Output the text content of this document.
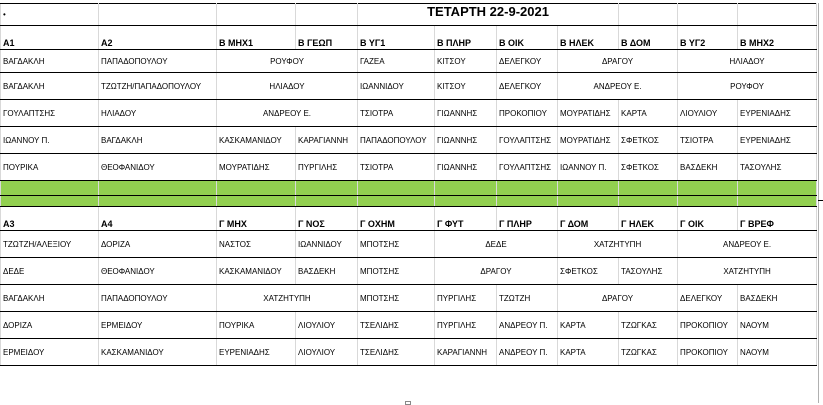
•				ΤΕΤΑΡΤΗ 22-9-2021						
Α1	Α2	Β ΜΗΧ1	Β ΓΕΩΠ	Β ΥΓ1	Β ΠΛΗΡ	Β ΟΙΚ	Β ΗΛΕΚ	Β ΔΟΜ	Β ΥΓ2	Β ΜΗΧ2
ΒΑΓΔΑΚΛΗ	ΠΑΠΑΔΟΠΟΥΛΟΥ	ΡΟΥΦΟΥ		ΓΑΖΕΑ	ΚΙΤΣΟΥ	ΔΕΛΕΓΚΟΥ	ΔΡΑΓΟΥ		ΗΛΙΑΔΟΥ	
ΒΑΓΔΑΚΛΗ	ΤΖΩΤΖΗ/ΠΑΠΑΔΟΠΟΥΛΟΥ	ΗΛΙΑΔΟΥ		ΙΩΑΝΝΙΔΟΥ	ΚΙΤΣΟΥ	ΔΕΛΕΓΚΟΥ	ΑΝΔΡΕΟΥ Ε.		ΡΟΥΦΟΥ	
ΓΟΥΛΑΠΤΣΗΣ	ΗΛΙΑΔΟΥ	ΑΝΔΡΕΟΥ Ε.		ΤΣΙΟΤΡΑ	ΓΙΩΑΝΝΗΣ	ΠΡΟΚΟΠΙΟΥ	ΜΟΥΡΑΤΙΔΗΣ	ΚΑΡΤΑ	ΛΙΟΥΛΙΟΥ	ΕΥΡΕΝΙΑΔΗΣ
ΙΩΑΝΝΟΥ Π.	ΒΑΓΔΑΚΛΗ	ΚΑΣΚΑΜΑΝΙΔΟΥ	ΚΑΡΑΓΙΑΝΝΗ	ΠΑΠΑΔΟΠΟΥΛΟΥ	ΓΙΩΑΝΝΗΣ	ΓΟΥΛΑΠΤΣΗΣ	ΜΟΥΡΑΤΙΔΗΣ	ΣΦΕΤΚΟΣ	ΤΣΙΟΤΡΑ	ΕΥΡΕΝΙΑΔΗΣ
ΠΟΥΡΙΚΑ	ΘΕΟΦΑΝΙΔΟΥ	ΜΟΥΡΑΤΙΔΗΣ	ΠΥΡΓΙΛΗΣ	ΤΣΙΟΤΡΑ	ΓΙΩΑΝΝΗΣ	ΓΟΥΛΑΠΤΣΗΣ	ΙΩΑΝΝΟΥ Π.	ΣΦΕΤΚΟΣ	ΒΑΣΔΕΚΗ	ΤΑΣΟΥΛΗΣ

Α3	Α4	Γ ΜΗΧ	Γ ΝΟΣ	Γ ΟΧΗΜ	Γ ΦΥΤ	Γ ΠΛΗΡ	Γ ΔΟΜ	Γ ΗΛΕΚ	Γ ΟΙΚ	Γ ΒΡΕΦ
ΤΖΩΤΖΗ/ΑΛΕΞΙΟΥ	ΔΟΡΙΖΑ	ΝΑΣΤΟΣ	ΙΩΑΝΝΙΔΟΥ	ΜΠΟΤΣΗΣ	ΔΕΔΕ		ΧΑΤΖΗΤΥΠΗ		ΑΝΔΡΕΟΥ Ε.	
ΔΕΔΕ	ΘΕΟΦΑΝΙΔΟΥ	ΚΑΣΚΑΜΑΝΙΔΟΥ	ΒΑΣΔΕΚΗ	ΜΠΟΤΣΗΣ	ΔΡΑΓΟΥ		ΣΦΕΤΚΟΣ	ΤΑΣΟΥΛΗΣ	ΧΑΤΖΗΤΥΠΗ	
ΒΑΓΔΑΚΛΗ	ΠΑΠΑΔΟΠΟΥΛΟΥ	ΧΑΤΖΗΤΥΠΗ		ΜΠΟΤΣΗΣ	ΠΥΡΓΙΛΗΣ	ΤΖΩΤΖΗ	ΔΡΑΓΟΥ		ΔΕΛΕΓΚΟΥ	ΒΑΣΔΕΚΗ
ΔΟΡΙΖΑ	ΕΡΜΕΙΔΟΥ	ΠΟΥΡΙΚΑ	ΛΙΟΥΛΙΟΥ	ΤΣΕΛΙΔΗΣ	ΠΥΡΓΙΛΗΣ	ΑΝΔΡΕΟΥ Π.	ΚΑΡΤΑ	ΤΖΩΓΚΑΣ	ΠΡΟΚΟΠΙΟΥ	ΝΑΟΥΜ
ΕΡΜΕΙΔΟΥ	ΚΑΣΚΑΜΑΝΙΔΟΥ	ΕΥΡΕΝΙΑΔΗΣ	ΛΙΟΥΛΙΟΥ	ΤΣΕΛΙΔΗΣ	ΚΑΡΑΓΙΑΝΝΗ	ΑΝΔΡΕΟΥ Π.	ΚΑΡΤΑ	ΤΖΩΓΚΑΣ	ΠΡΟΚΟΠΙΟΥ	ΝΑΟΥΜ
